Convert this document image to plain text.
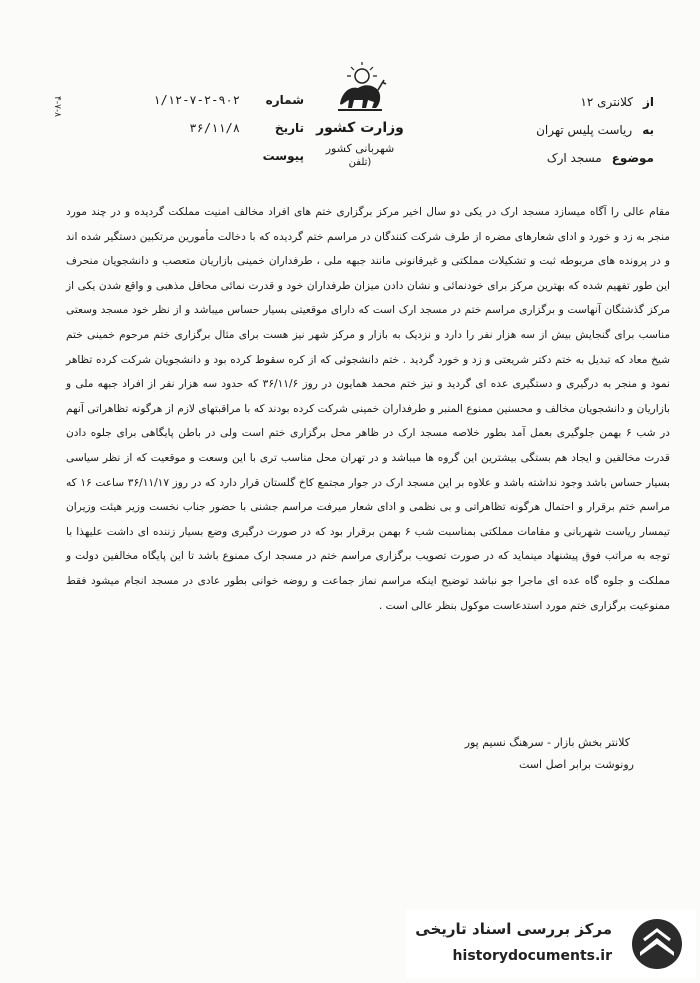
از
کلانتری ۱۲
به
ریاست پلیس تهران
موضوع
مسجد ارک
وزارت کشور
شهربانی کشور
(تلفن
شماره
۱/۱۲-۷-۲-۹۰۲
تاریخ
۳۶/۱۱/۸
پیوست
۴-۷-۸

مقام عالی را آگاه میسازد مسجد ارک در یکی دو سال اخیر مرکز برگزاری ختم های افراد مخالف امنیت مملکت گردیده و در چند مورد منجر به زد و خورد و ادای شعارهای مضره از طرف شرکت کنندگان در مراسم ختم گردیده که با دخالت مأمورین مرتکبین دستگیر شده اند و در پرونده های مربوطه ثبت و تشکیلات مملکتی و غیرقانونی مانند جبهه ملی ، طرفداران خمینی بازاریان متعصب و دانشجویان منحرف این طور تفهیم شده که بهترین مرکز برای خودنمائی و نشان دادن میزان طرفداران خود و قدرت نمائی محافل مذهبی و واقع شدن یکی از مرکز گذشتگان آنهاست و برگزاری مراسم ختم در مسجد ارک است که دارای موقعیتی بسیار حساس میباشد و از نظر خود مسجد وسعتی مناسب برای گنجایش بیش از سه هزار نفر را دارد و نزدیک به بازار و مرکز شهر نیز هست برای مثال برگزاری ختم مرحوم خمینی ختم شیخ معاد که تبدیل به ختم دکتر شریعتی و زد و خورد گردید . ختم دانشجوئی که از کره سقوط کرده بود و دانشجویان شرکت کرده تظاهر نمود و منجر به درگیری و دستگیری عده ای گردید و نیز ختم محمد همایون در روز ۳۶/۱۱/۶ که حدود سه هزار نفر از افراد جبهه ملی و بازاریان و دانشجویان مخالف و محسنین ممنوع المنبر و طرفداران خمینی شرکت کرده بودند که با مراقبتهای لازم از هرگونه تظاهراتی آنهم در شب ۶ بهمن جلوگیری بعمل آمد بطور خلاصه مسجد ارک در ظاهر محل برگزاری ختم است ولی در باطن پایگاهی برای جلوه دادن قدرت مخالفین و ایجاد هم بستگی بیشترین این گروه ها میباشد و در تهران محل مناسب تری با این وسعت و موقعیت که از نظر سیاسی بسیار حساس باشد وجود نداشته باشد و علاوه بر این مسجد ارک در جوار مجتمع کاخ گلستان قرار دارد که در روز ۳۶/۱۱/۱۷ ساعت ۱۶ که مراسم ختم برقرار و احتمال هرگونه تظاهراتی و بی نظمی و ادای شعار میرفت مراسم جشنی با حضور جناب نخست وزیر هیئت وزیران تیمسار ریاست شهربانی و مقامات مملکتی بمناسبت شب ۶ بهمن برقرار بود که در صورت درگیری وضع بسیار زننده ای داشت علیهذا با توجه به مراتب فوق پیشنهاد مینماید که در صورت تصویب برگزاری مراسم ختم در مسجد ارک ممنوع باشد تا این پایگاه مخالفین دولت و مملکت و جلوه گاه عده ای ماجرا جو نباشد توضیح اینکه مراسم نماز جماعت و روضه خوانی بطور عادی در مسجد انجام میشود فقط ممنوعیت برگزاری ختم مورد استدعاست موکول بنظر عالی است .

کلانتر بخش بازار - سرهنگ نسیم پور
رونوشت برابر اصل است
مرکز بررسی اسناد تاریخی
historydocuments.ir
